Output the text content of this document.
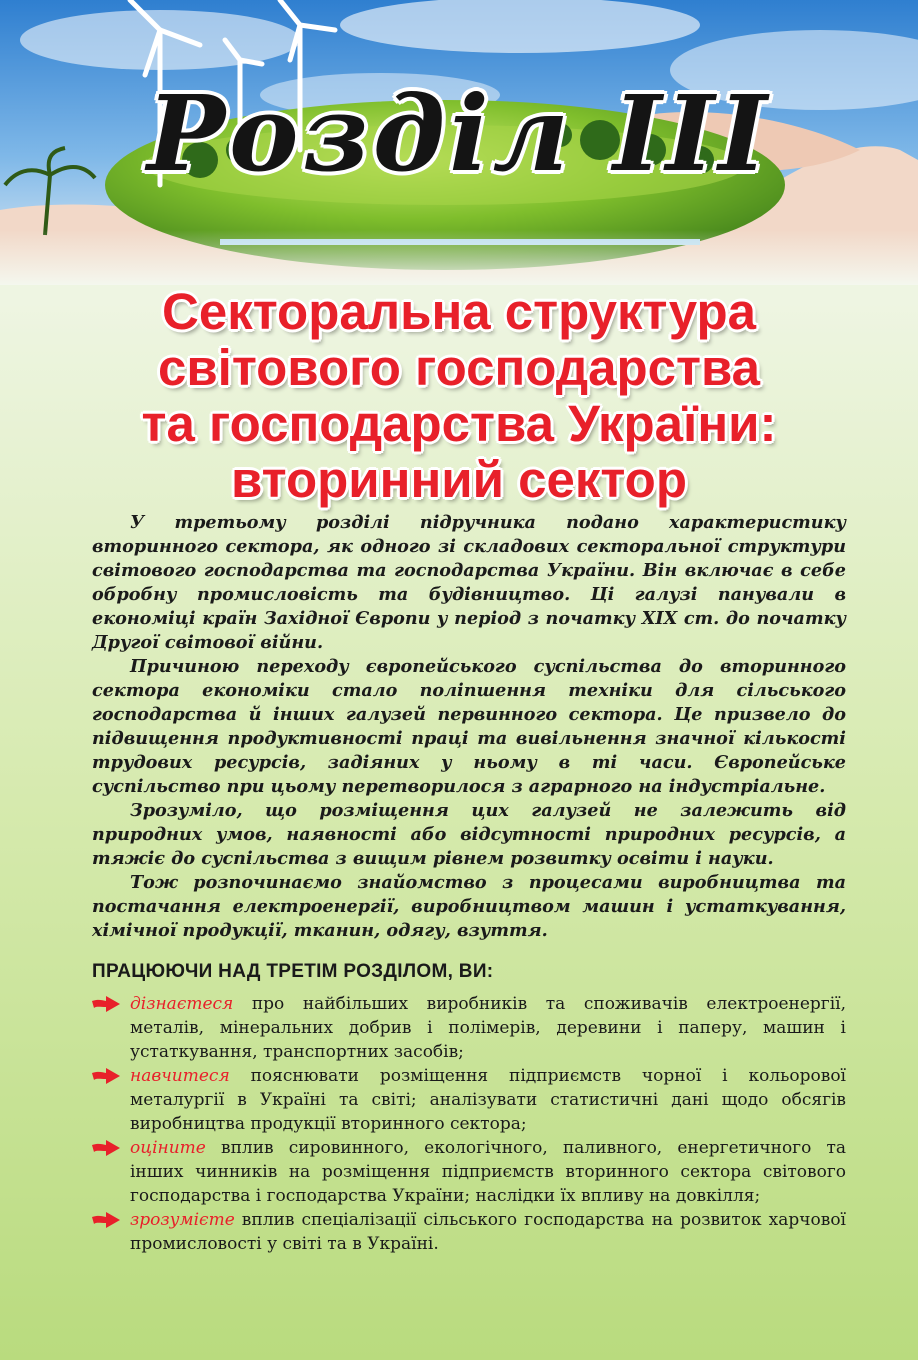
Розділ III
Секторальна структура
світового господарства
та господарства України:
вторинний сектор

У третьому розділі підручника подано характеристику вторинного сектора, як одного зі складових секторальної структури світового господарства та господарства України. Він включає в себе обробну промисловість та будівництво. Ці галузі панували в економіці країн Західної Європи у період з початку XIX ст. до початку Другої світової війни.

Причиною переходу європейського суспільства до вторинного сектора економіки стало поліпшення техніки для сільського господарства й інших галузей первинного сектора. Це призвело до підвищення продуктивності праці та вивільнення значної кількості трудових ресурсів, задіяних у ньому в ті часи. Європейське суспільство при цьому перетворилося з аграрного на індустріальне.

Зрозуміло, що розміщення цих галузей не залежить від природних умов, наявності або відсутності природних ресурсів, а тяжіє до суспільства з вищим рівнем розвитку освіти і науки.

Тож розпочинаємо знайомство з процесами виробництва та постачання електроенергії, виробництвом машин і устаткування, хімічної продукції, тканин, одягу, взуття.

ПРАЦЮЮЧИ НАД ТРЕТІМ РОЗДІЛОМ, ВИ:

дізнаєтеся про найбільших виробників та споживачів електроенергії, металів, мінеральних добрив і полімерів, деревини і паперу, машин і устаткування, транспортних засобів;

навчитеся пояснювати розміщення підприємств чорної і кольорової металургії в Україні та світі; аналізувати статистичні дані щодо обсягів виробництва продукції вторинного сектора;

оціните вплив сировинного, екологічного, паливного, енергетичного та інших чинників на розміщення підприємств вторинного сектора світового господарства і господарства України; наслідки їх впливу на довкілля;

зрозумієте вплив спеціалізації сільського господарства на розвиток харчової промисловості у світі та в Україні.
